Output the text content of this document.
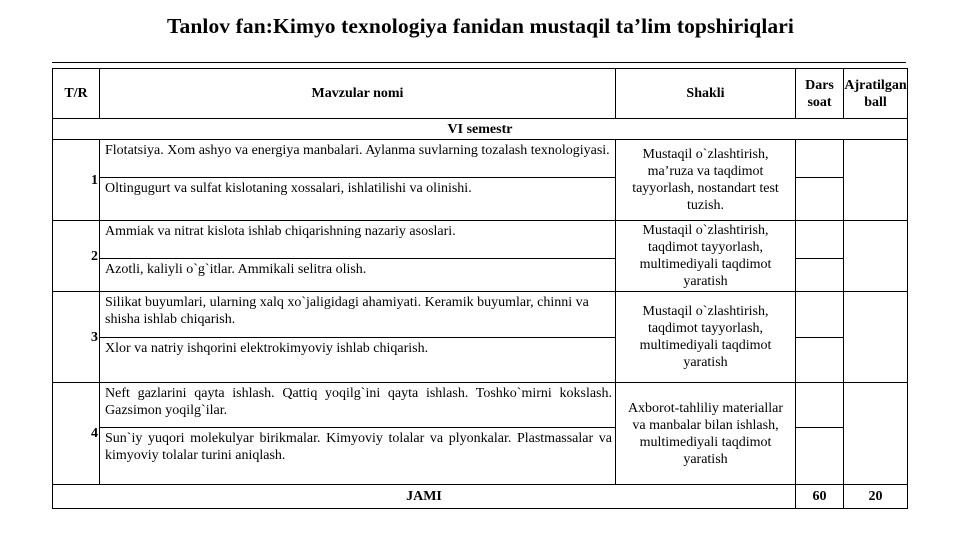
Tanlov fan:Kimyo texnologiya fanidan mustaqil ta’lim topshiriqlari
T/R	Mavzular nomi	Shakli	Dars soat	Ajratilgan ball
VI semestr				
1	Flotatsiya. Xom ashyo va energiya manbalari. Aylanma suvlarning tozalash texnologiyasi.	Mustaqil o`zlashtirish, ma’ruza va taqdimot tayyorlash, nostandart test tuzish.		
	Oltingugurt va sulfat kislotaning xossalari, ishlatilishi va olinishi.			
2	Ammiak va nitrat kislota ishlab chiqarishning nazariy asoslari.	Mustaqil o`zlashtirish, taqdimot tayyorlash, multimediyali taqdimot yaratish		
	Azotli, kaliyli o`g`itlar. Ammikali selitra olish.			
3	Silikat buyumlari, ularning xalq xo`jaligidagi ahamiyati. Keramik buyumlar, chinni va shisha ishlab chiqarish.	Mustaqil o`zlashtirish, taqdimot tayyorlash, multimediyali taqdimot yaratish		
	Xlor va natriy ishqorini elektrokimyoviy ishlab chiqarish.			
4	Neft gazlarini qayta ishlash. Qattiq yoqilg`ini qayta ishlash. Toshko`mirni kokslash. Gazsimon yoqilg`ilar.	Axborot-tahliliy materiallar va manbalar bilan ishlash, multimediyali taqdimot yaratish		
	Sun`iy yuqori molekulyar birikmalar. Kimyoviy tolalar va plyonkalar. Plastmassalar va kimyoviy tolalar turini aniqlash.			
JAMI			60	20
